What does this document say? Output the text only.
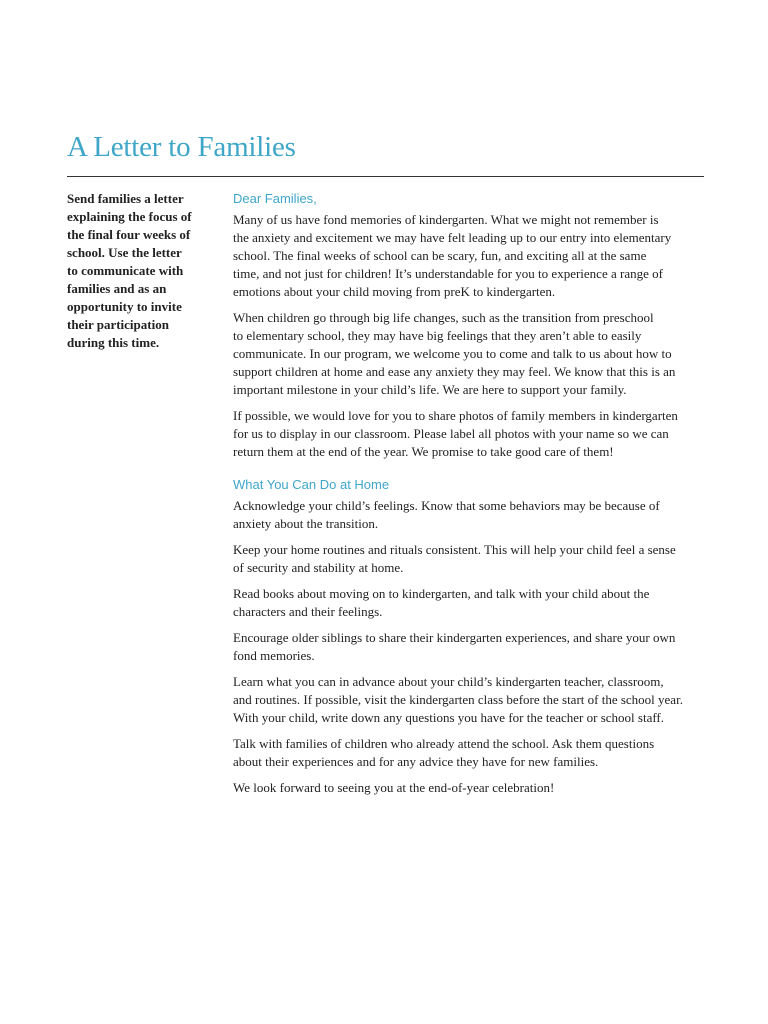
A Letter to Families
Send families a letter
explaining the focus of
the final four weeks of
school. Use the letter
to communicate with
families and as an
opportunity to invite
their participation
during this time.
Dear Families,

Many of us have fond memories of kindergarten. What we might not remember is
the anxiety and excitement we may have felt leading up to our entry into elementary
school. The final weeks of school can be scary, fun, and exciting all at the same
time, and not just for children! It’s understandable for you to experience a range of
emotions about your child moving from preK to kindergarten.

When children go through big life changes, such as the transition from preschool
to elementary school, they may have big feelings that they aren’t able to easily
communicate. In our program, we welcome you to come and talk to us about how to
support children at home and ease any anxiety they may feel. We know that this is an
important milestone in your child’s life. We are here to support your family.

If possible, we would love for you to share photos of family members in kindergarten
for us to display in our classroom. Please label all photos with your name so we can
return them at the end of the year. We promise to take good care of them!

What You Can Do at Home

Acknowledge your child’s feelings. Know that some behaviors may be because of
anxiety about the transition.

Keep your home routines and rituals consistent. This will help your child feel a sense
of security and stability at home.

Read books about moving on to kindergarten, and talk with your child about the
characters and their feelings.

Encourage older siblings to share their kindergarten experiences, and share your own
fond memories.

Learn what you can in advance about your child’s kindergarten teacher, classroom,
and routines. If possible, visit the kindergarten class before the start of the school year.
With your child, write down any questions you have for the teacher or school staff.

Talk with families of children who already attend the school. Ask them questions
about their experiences and for any advice they have for new families.

We look forward to seeing you at the end-of-year celebration!
